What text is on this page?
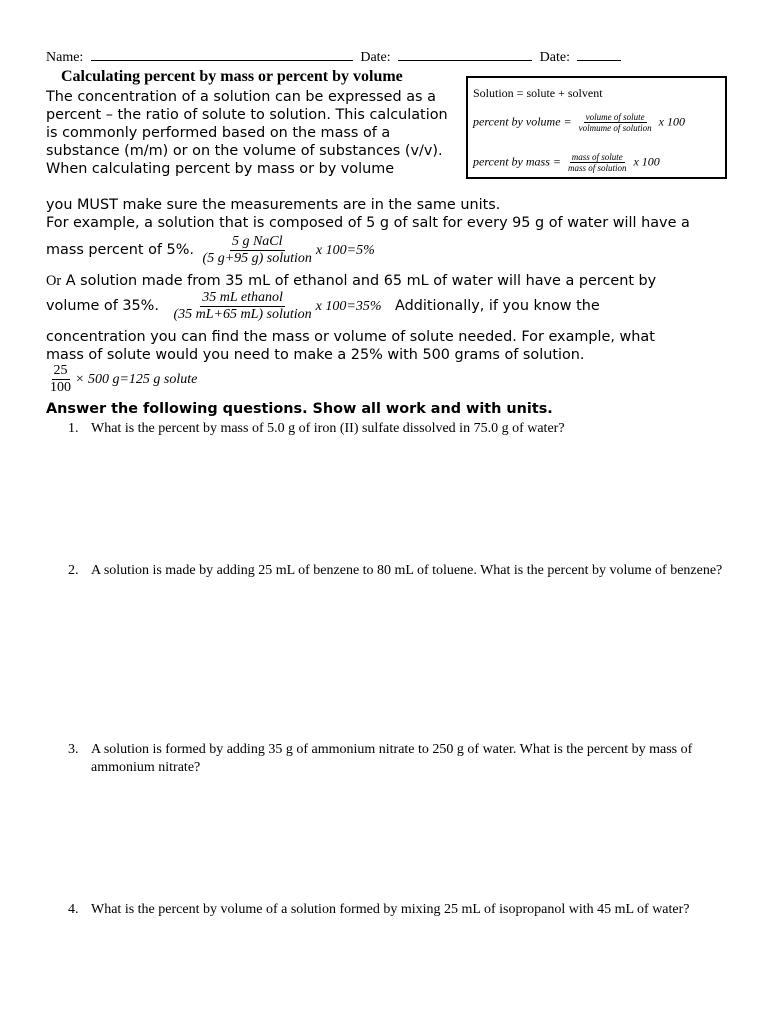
Name:	Date:	Date:
Calculating percent by mass or percent by volume
Solution = solute + solvent
percent by volume = $\frac{\text{volume of solute}}{\text{volmume of solution}}$ x 100
percent by mass = $\frac{\text{mass of solute}}{\text{mass of solution}}$ x 100
The concentration of a solution can be expressed as a percent – the ratio of solute to solution. This calculation is commonly performed based on the mass of a substance (m/m) or on the volume of substances (v/v). When calculating percent by mass or by volume
you MUST make sure the measurements are in the same units.
For example, a solution that is composed of 5 g of salt for every 95 g of water will have a
mass percent of 5%. $\frac{\text{5 g NaCl}}{\text{(5 g+95 g) solution}}$ x 100=5%
Or A solution made from 35 mL of ethanol and 65 mL of water will have a percent by
volume of 35%. $\frac{\text{35 mL ethanol}}{\text{(35 mL+65 mL) solution}}$ x 100=35% Additionally, if you know the
concentration you can find the mass or volume of solute needed. For example, what
mass of solute would you need to make a 25% with 500 grams of solution.
$\frac{25}{100} \times 500$ g=125 g solute
Answer the following questions. Show all work and with units.
1. What is the percent by mass of 5.0 g of iron (II) sulfate dissolved in 75.0 g of water?
2. A solution is made by adding 25 mL of benzene to 80 mL of toluene. What is the percent by volume of benzene?
3. A solution is formed by adding 35 g of ammonium nitrate to 250 g of water. What is the percent by mass of ammonium nitrate?
4. What is the percent by volume of a solution formed by mixing 25 mL of isopropanol with 45 mL of water?
